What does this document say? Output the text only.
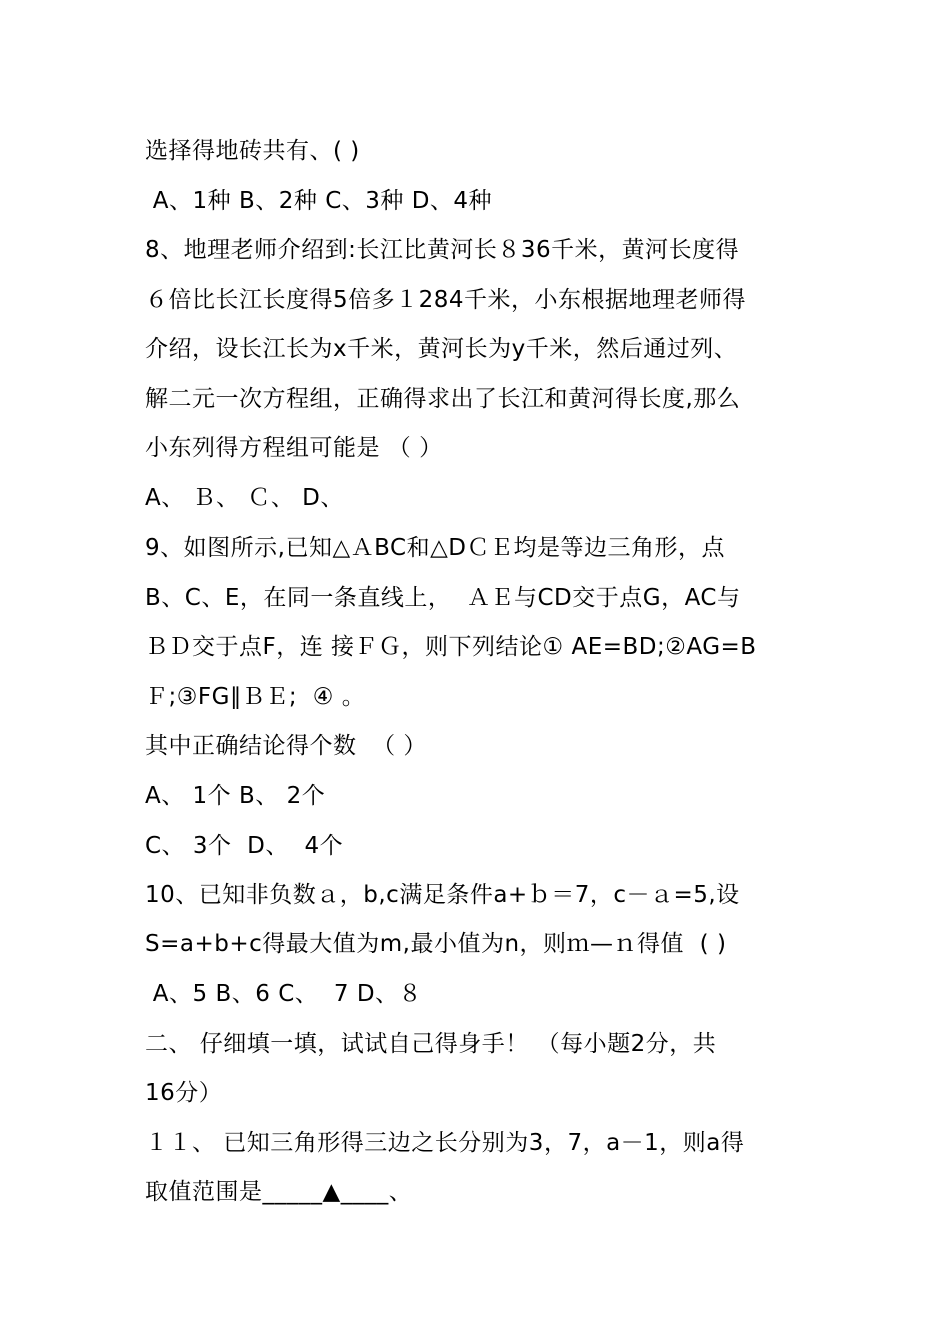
选择得地砖共有、( )
A、1种 B、2种 C、3种 D、4种
8、地理老师介绍到:长江比黄河长８36千米，黄河长度得
６倍比长江长度得5倍多１284千米，小东根据地理老师得
介绍，设长江长为x千米，黄河长为y千米，然后通过列、
解二元一次方程组，正确得求出了长江和黄河得长度,那么
小东列得方程组可能是 （ ）
A、 Ｂ、 Ｃ、 D、
9、如图所示,已知△ＡBC和△DＣＥ均是等边三角形，点
B、C、E，在同一条直线上，  ＡＥ与CD交于点G，AC与
ＢＤ交于点F，连 接ＦＧ，则下列结论① AE=BD;②AG=B
Ｆ;③FG∥ＢＥ;  ④ 。
其中正确结论得个数  （ ）
A、 1个 B、 2个
C、 3个  D、  4个
10、已知非负数ａ，b,c满足条件a+ｂ＝7，c－ａ=5,设
S=a+b+c得最大值为m,最小值为n，则ｍ—ｎ得值  ( )
A、5 B、6 C、  7 D、８
二、 仔细填一填，试试自己得身手！ （每小题2分，共
16分）
１１、 已知三角形得三边之长分别为3，7，a－1，则a得
取值范围是_____▲____、
